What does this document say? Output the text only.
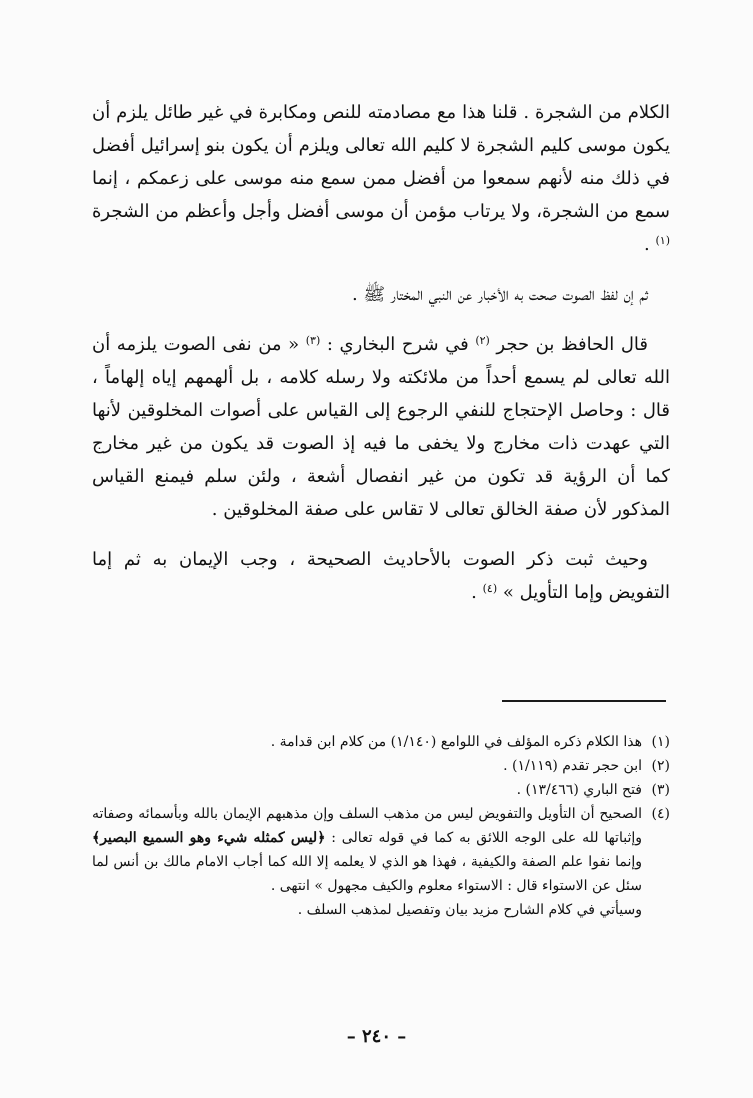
الكلام من الشجرة . قلنا هذا مع مصادمته للنص ومكابرة في غير طائل يلزم أن يكون موسى كليم الشجرة لا كليم الله تعالى ويلزم أن يكون بنو إسرائيل أفضل في ذلك منه لأنهم سمعوا من أفضل ممن سمع منه موسى على زعمكم ، إنما سمع من الشجرة، ولا يرتاب مؤمن أن موسى أفضل وأجل وأعظم من الشجرة $^{(١)}$ .

ثم إن لفظ الصوت صحت به الأخبار عن النبي المختار ﷺ .

قال الحافظ بن حجر $^{(٢)}$ في شرح البخاري : $^{(٣)}$ « من نفى الصوت يلزمه أن الله تعالى لم يسمع أحداً من ملائكته ولا رسله كلامه ، بل ألهمهم إياه إلهاماً ، قال : وحاصل الإحتجاج للنفي الرجوع إلى القياس على أصوات المخلوقين لأنها التي عهدت ذات مخارج ولا يخفى ما فيه إذ الصوت قد يكون من غير مخارج كما أن الرؤية قد تكون من غير انفصال أشعة ، ولئن سلم فيمنع القياس المذكور لأن صفة الخالق تعالى لا تقاس على صفة المخلوقين .

وحيث ثبت ذكر الصوت بالأحاديث الصحيحة ، وجب الإيمان به ثم إما التفويض وإما التأويل » $^{(٤)}$ .

(١)
هذا الكلام ذكره المؤلف في اللوامع (١/١٤٠) من كلام ابن قدامة .
(٢)
ابن حجر تقدم (١/١١٩) .
(٣)
فتح الباري (١٣/٤٦٦) .
(٤)
الصحيح أن التأويل والتفويض ليس من مذهب السلف وإن مذهبهم الإيمان بالله وبأسمائه وصفاته وإثباتها لله على الوجه اللائق به كما في قوله تعالى : ﴿ليس كمثله شيء وهو السميع البصير﴾ وإنما نفوا علم الصفة والكيفية ، فهذا هو الذي لا يعلمه إلا الله كما أجاب الامام مالك بن أنس لما سئل عن الاستواء قال : الاستواء معلوم والكيف مجهول » انتهى .
وسيأتي في كلام الشارح مزيد بيان وتفصيل لمذهب السلف .
– ٢٤٠ –
